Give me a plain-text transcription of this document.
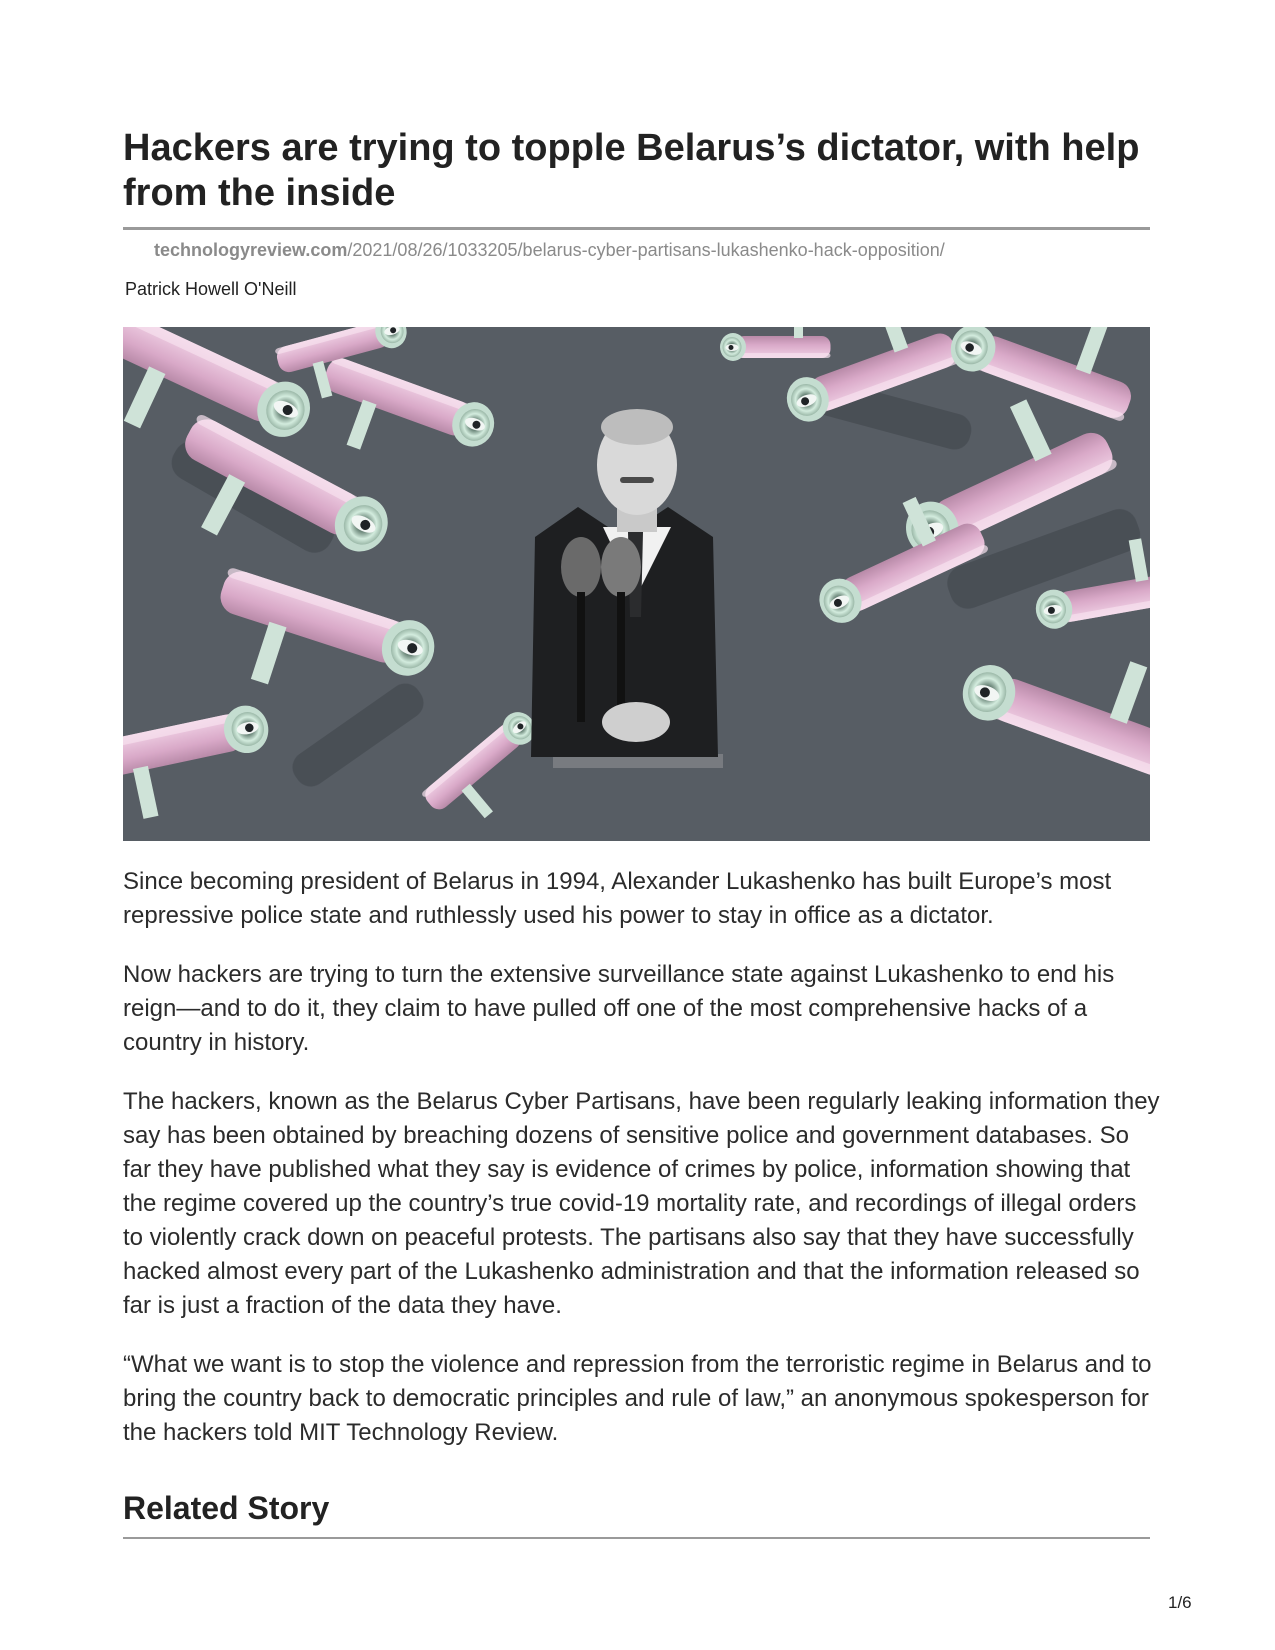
Hackers are trying to topple Belarus’s dictator, with help from the inside
technologyreview.com/2021/08/26/1033205/belarus-cyber-partisans-lukashenko-hack-opposition/
Patrick Howell O'Neill

Since becoming president of Belarus in 1994, Alexander Lukashenko has built Europe’s most repressive police state and ruthlessly used his power to stay in office as a dictator.

Now hackers are trying to turn the extensive surveillance state against Lukashenko to end his reign—and to do it, they claim to have pulled off one of the most comprehensive hacks of a country in history.

The hackers, known as the Belarus Cyber Partisans, have been regularly leaking information they say has been obtained by breaching dozens of sensitive police and government databases. So far they have published what they say is evidence of crimes by police, information showing that the regime covered up the country’s true covid-19 mortality rate, and recordings of illegal orders to violently crack down on peaceful protests. The partisans also say that they have successfully hacked almost every part of the Lukashenko administration and that the information released so far is just a fraction of the data they have.

“What we want is to stop the violence and repression from the terroristic regime in Belarus and to bring the country back to democratic principles and rule of law,” an anonymous spokesperson for the hackers told MIT Technology Review.

Related Story
1/6
